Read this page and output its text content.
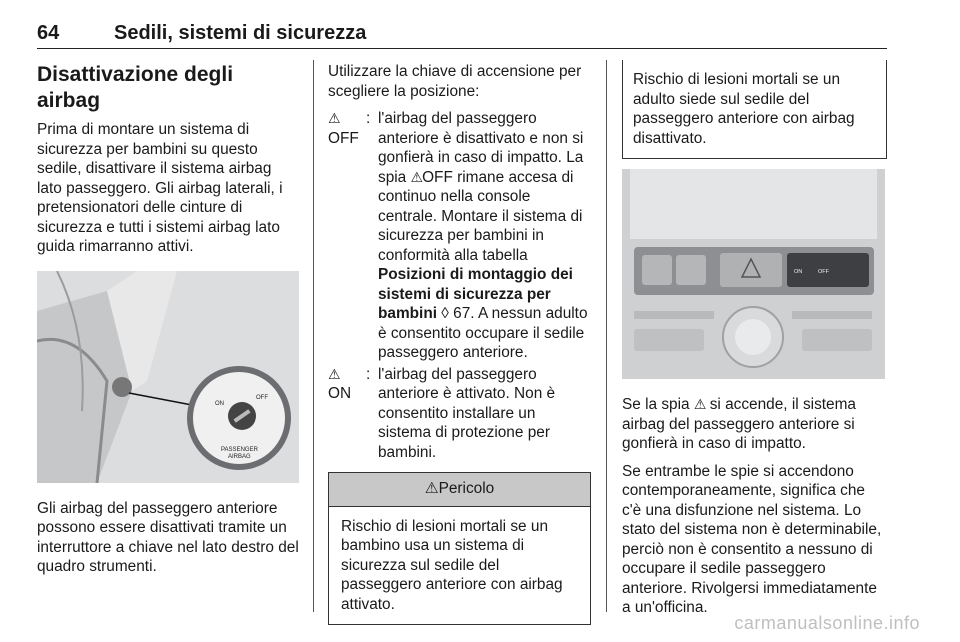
64	Sedili, sistemi di sicurezza
Disattivazione degli airbag

Prima di montare un sistema di sicurezza per bambini su questo sedile, disattivare il sistema airbag lato passeggero. Gli airbag laterali, i pretensionatori delle cinture di sicurezza e tutti i sistemi airbag lato guida rimarranno attivi.

ON
OFF
PASSENGER
AIRBAG

Gli airbag del passeggero anteriore possono essere disattivati tramite un interruttore a chiave nel lato destro del quadro strumenti.

Utilizzare la chiave di accensione per scegliere la posizione:

⚠
OFF
: l'airbag del passeggero anteriore è disattivato e non si gonfierà in caso di impatto. La spia ⚠OFF rimane accesa di continuo nella console centrale. Montare il sistema di sicurezza per bambini in conformità alla tabella Posizioni di montaggio dei sistemi di sicurezza per bambini ◊ 67. A nessun adulto è consentito occupare il sedile passeggero anteriore.
⚠
ON
: l'airbag del passeggero anteriore è attivato. Non è consentito installare un sistema di protezione per bambini.
⚠Pericolo
Rischio di lesioni mortali se un bambino usa un sistema di sicurezza sul sedile del passeggero anteriore con airbag attivato.
Rischio di lesioni mortali se un adulto siede sul sedile del passeggero anteriore con airbag disattivato.
ON	OFF

Se la spia ⚠ si accende, il sistema airbag del passeggero anteriore si gonfierà in caso di impatto.

Se entrambe le spie si accendono contemporaneamente, significa che c'è una disfunzione nel sistema. Lo stato del sistema non è determinabile, perciò non è consentito a nessuno di occupare il sedile passeggero anteriore. Rivolgersi immediatamente a un'officina.

carmanualsonline.info
